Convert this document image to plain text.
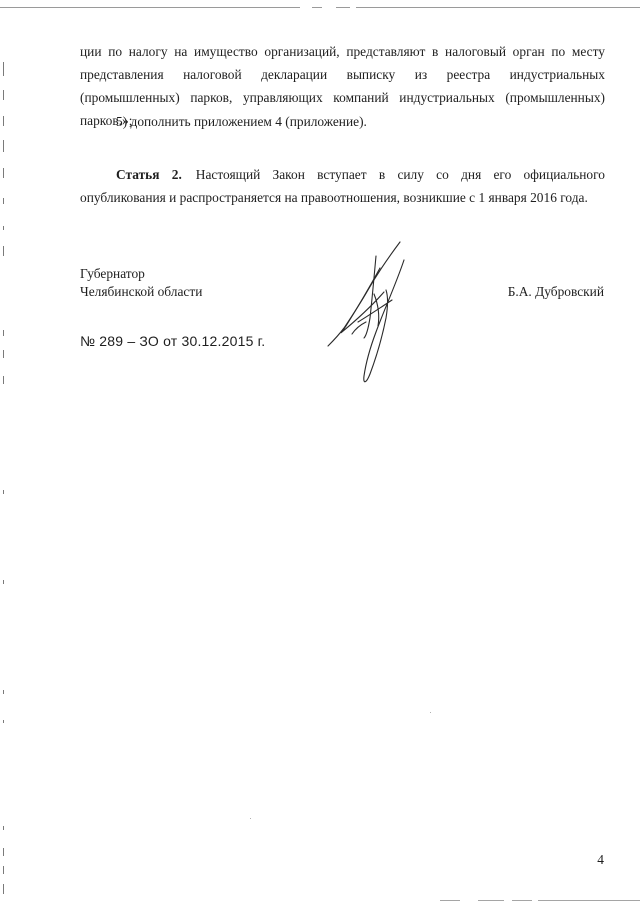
ции по налогу на имущество организаций, представляют в налоговый орган по месту представления налоговой декларации выписку из реестра индустриальных (промышленных) парков, управляющих компаний индустриальных (промышленных) парков.»;

5) дополнить приложением 4 (приложение).

Статья 2. Настоящий Закон вступает в силу со дня его официального опубликования и распространяется на правоотношения, возникшие с 1 января 2016 года.

Губернатор
Челябинской области	Б.А. Дубровский
№ 289 – ЗО от 30.12.2015 г.
4
